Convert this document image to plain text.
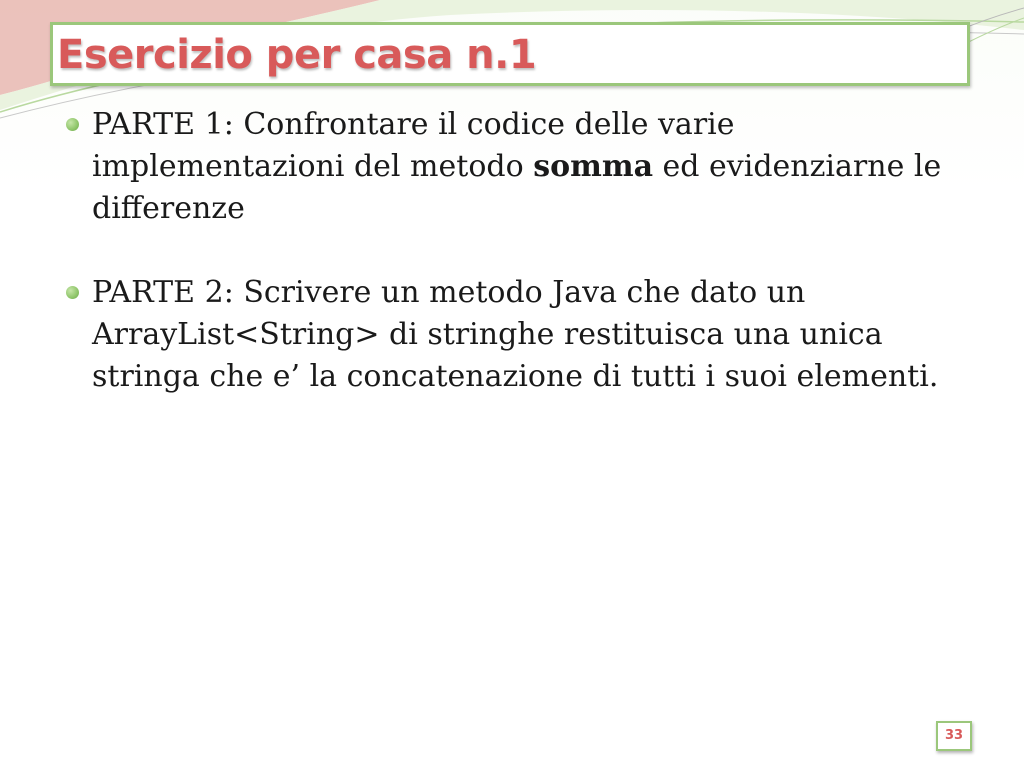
Esercizio per casa n.1
PARTE 1: Confrontare il codice delle varie implementazioni del metodo somma ed evidenziarne le differenze
PARTE 2: Scrivere un metodo Java che dato un ArrayList<String> di stringhe restituisca una unica stringa che e’ la concatenazione di tutti i suoi elementi.
33
